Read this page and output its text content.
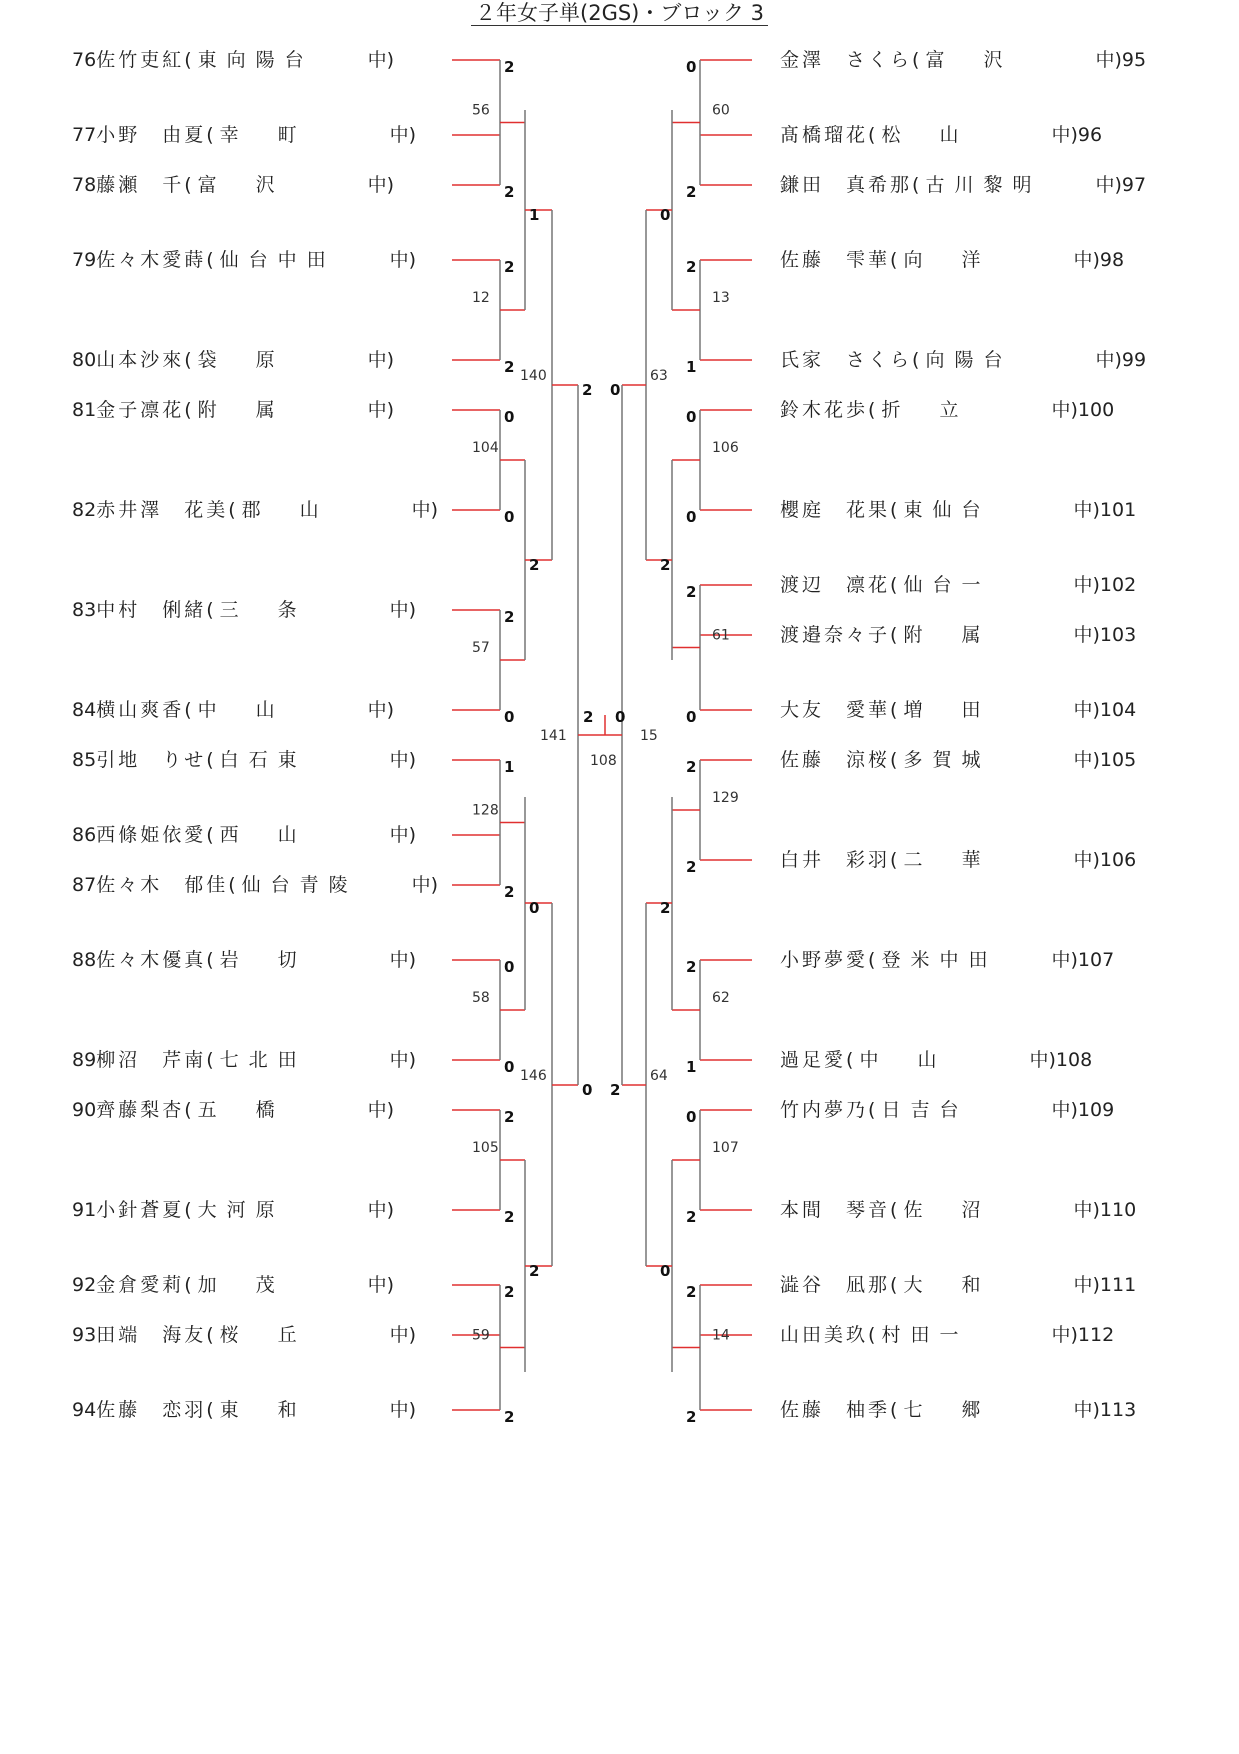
２年女子単(2GS)・ブロック 3
76佐竹吏紅( 東向陽台	中)
77小野　由夏( 幸　町	中)
78藤瀬　千( 富　沢	中)
79佐々木愛蒔( 仙台中田	中)
80山本沙來( 袋　原	中)
81金子凛花( 附　属	中)
82赤井澤　花美( 郡　山	中)
83中村　俐緒( 三　条	中)
84横山爽香( 中　山	中)
85引地　りせ( 白石東	中)
86西條姫依愛( 西　山	中)
87佐々木　郁佳( 仙台青陵	中)
88佐々木優真( 岩　切	中)
89柳沼　芹南( 七北田	中)
90齊藤梨杏( 五　橋	中)
91小針蒼夏( 大河原	中)
92金倉愛莉( 加　茂	中)
93田端　海友( 桜　丘	中)
94佐藤　恋羽( 東　和	中)
金澤　さくら( 富　沢	中)95
髙橋瑠花( 松　山	中)96
鎌田　真希那( 古川黎明	中)97
佐藤　雫華( 向　洋	中)98
氏家　さくら( 向陽台	中)99
鈴木花歩( 折　立	中)100
櫻庭　花果( 東仙台	中)101
渡辺　凛花( 仙台一	中)102
渡邉奈々子( 附　属	中)103
大友　愛華( 増　田	中)104
佐藤　涼桜( 多賀城	中)105
白井　彩羽( 二　華	中)106
小野夢愛( 登米中田	中)107
過足愛( 中　山	中)108
竹内夢乃( 日吉台	中)109
本間　琴音( 佐　沼	中)110
澁谷　凪那( 大　和	中)111
山田美玖( 村田一	中)112
佐藤　柚季( 七　郷	中)113
2
2
56
2
2
12
0
0
104
2
0
57
1
2
128
0
0
58
2
2
105
2
2
59
1
2
0
2
140
146
2
0
141
0
2
60
2
1
13
0
0
106
2
0
61
2
2
129
2
1
62
0
2
107
2
2
14
0
2
2
0
63
64
0
2
15
2 0
108
